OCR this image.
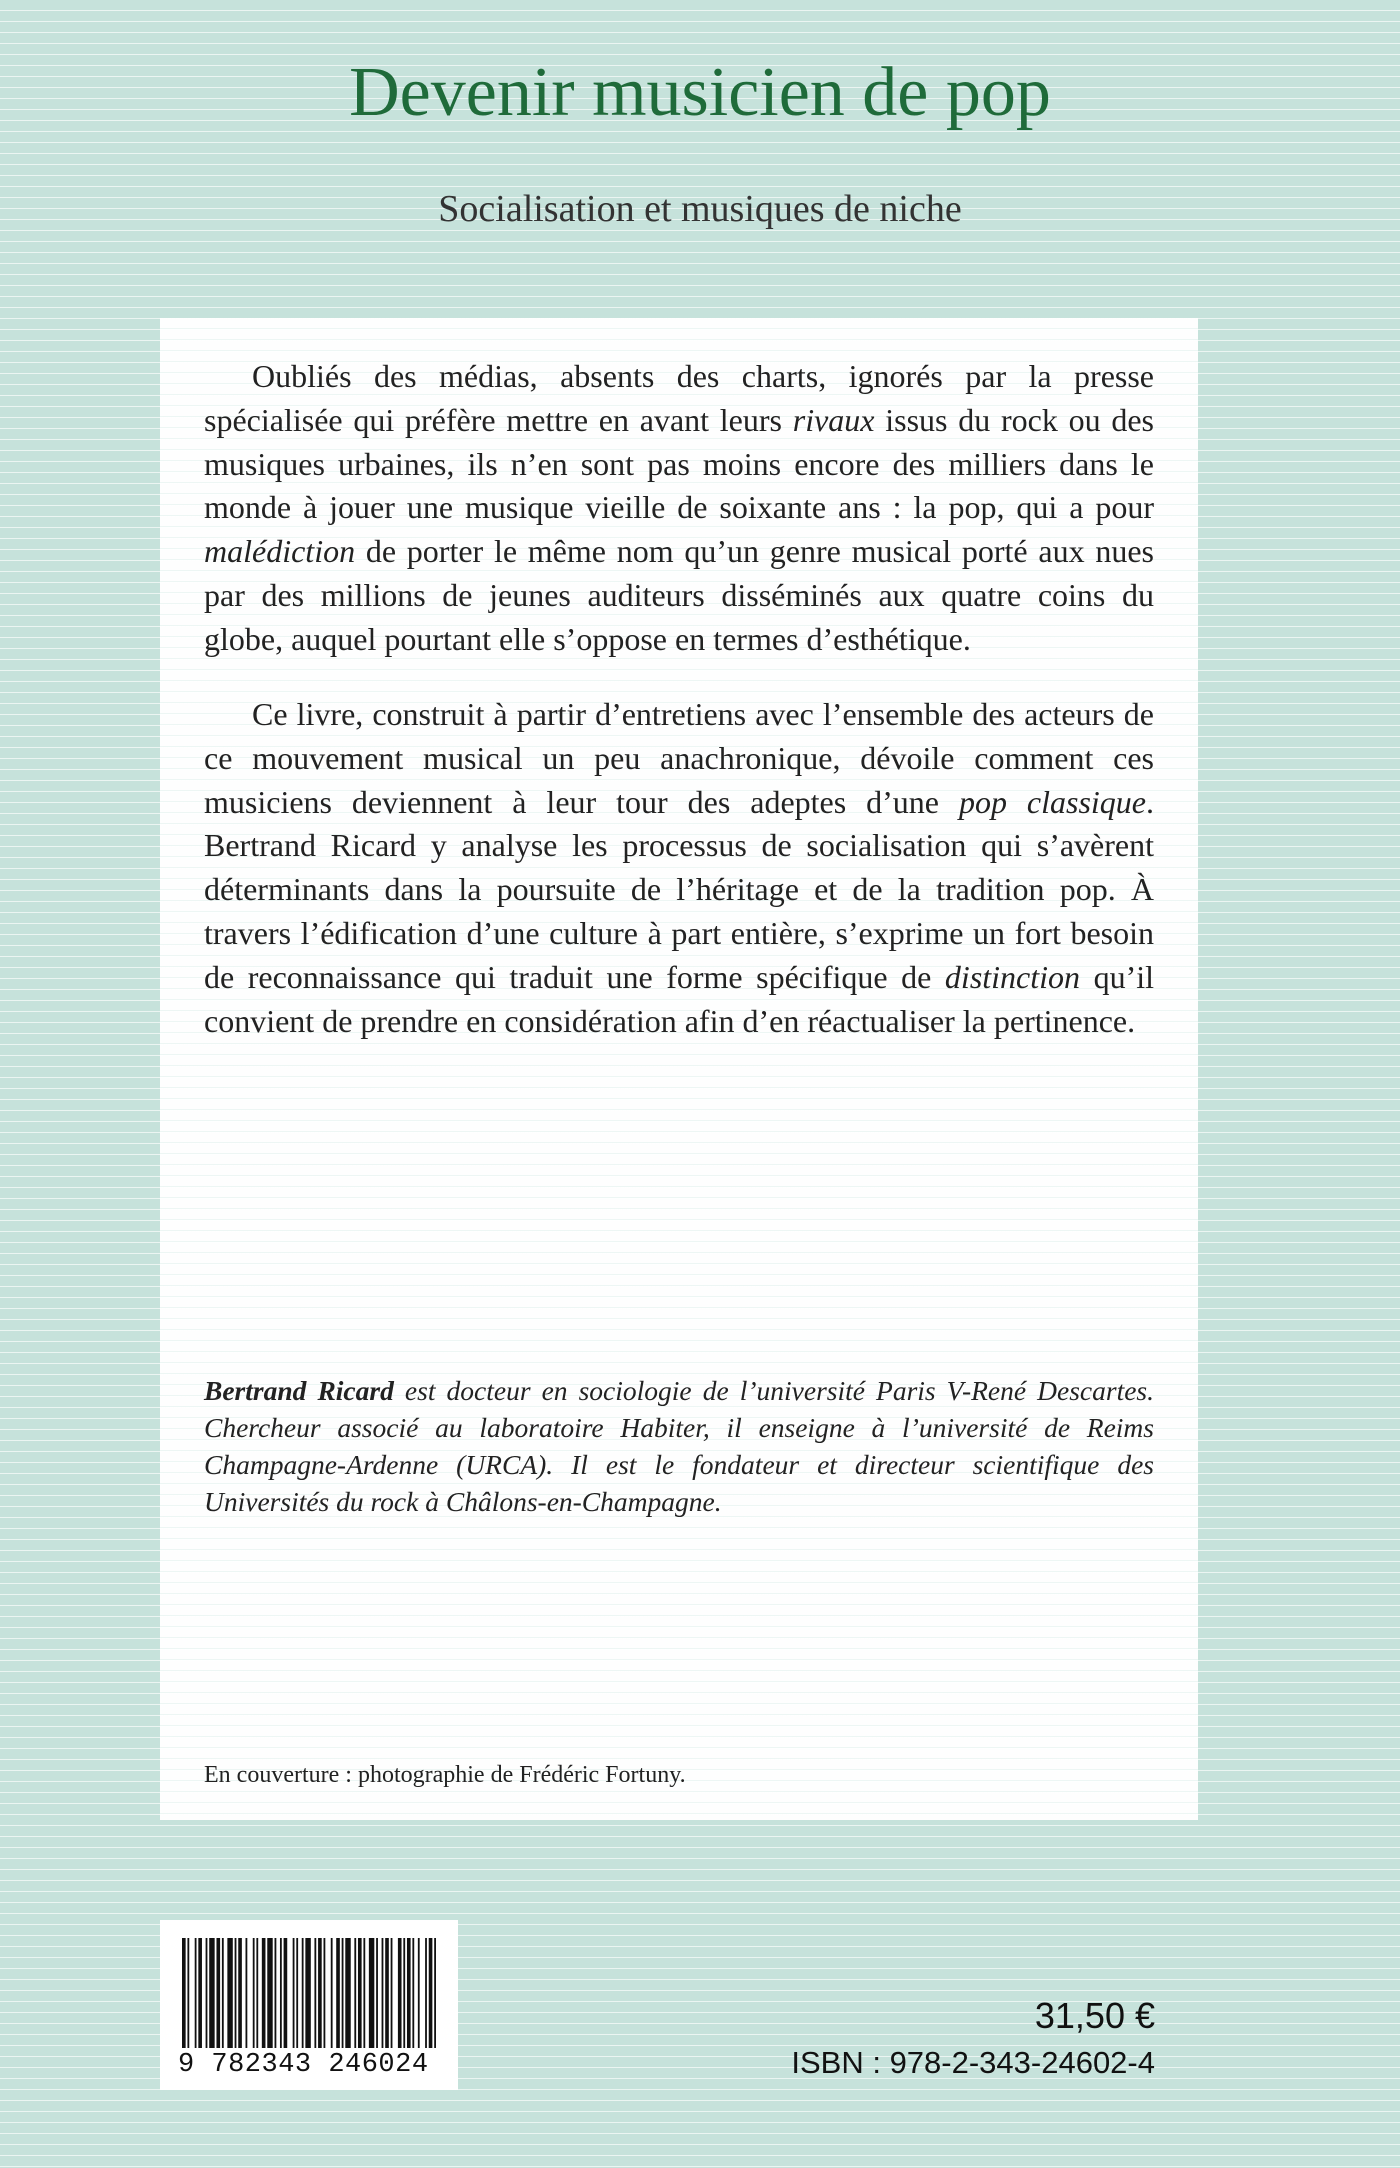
Devenir musicien de pop
Socialisation et musiques de niche

Oubliés des médias, absents des charts, ignorés par la presse spécialisée qui préfère mettre en avant leurs rivaux issus du rock ou des musiques urbaines, ils n’en sont pas moins encore des milliers dans le monde à jouer une musique vieille de soixante ans : la pop, qui a pour malédiction de porter le même nom qu’un genre musical porté aux nues par des millions de jeunes auditeurs disséminés aux quatre coins du globe, auquel pourtant elle s’oppose en termes d’esthétique.

Ce livre, construit à partir d’entretiens avec l’ensemble des acteurs de ce mouvement musical un peu anachronique, dévoile comment ces musiciens deviennent à leur tour des adeptes d’une pop classique. Bertrand Ricard y analyse les processus de socialisation qui s’avèrent déterminants dans la poursuite de l’héritage et de la tradition pop. À travers l’édification d’une culture à part entière, s’exprime un fort besoin de reconnaissance qui traduit une forme spécifique de distinction qu’il convient de prendre en considération afin d’en réactualiser la pertinence.

Bertrand Ricard est docteur en sociologie de l’université Paris V-René Descartes. Chercheur associé au laboratoire Habiter, il enseigne à l’université de Reims Champagne-Ardenne (URCA). Il est le fondateur et directeur scientifique des Universités du rock à Châlons-en-Champagne.

En couverture : photographie de Frédéric Fortuny.

9 782343 246024
31,50 €
ISBN : 978-2-343-24602-4
